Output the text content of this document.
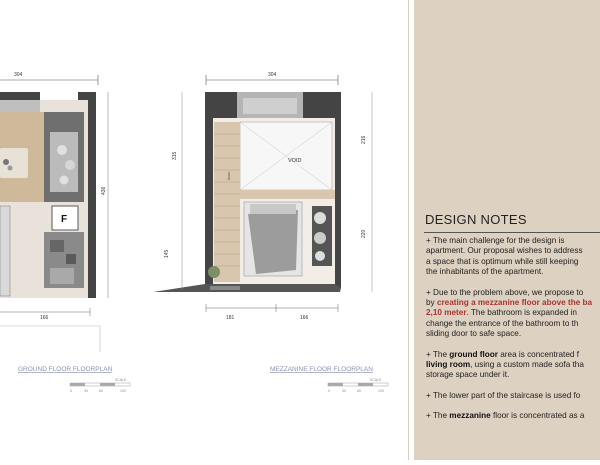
304
F
436
166
GROUND FLOOR FLOORPLAN
SCALE
0	30	60	120
304
VOID
down
315
145
216
220
181	166
MEZZANINE FLOOR FLOORPLAN
SCALE
0	30	60	120
DESIGN NOTES
+ The main challenge for the design is
apartment. Our proposal wishes to address
a space that is optimum while still keeping
the inhabitants of the apartment.
+ Due to the problem above, we propose to
by creating a mezzanine floor above the ba
2,10 meter. The bathroom is expanded in
change the entrance of the bathroom to th
sliding door to safe space.
+ The ground floor area is concentrated f
living room, using a custom made sofa tha
storage space under it.
+ The lower part of the staircase is used fo
+ The mezzanine floor is concentrated as a
